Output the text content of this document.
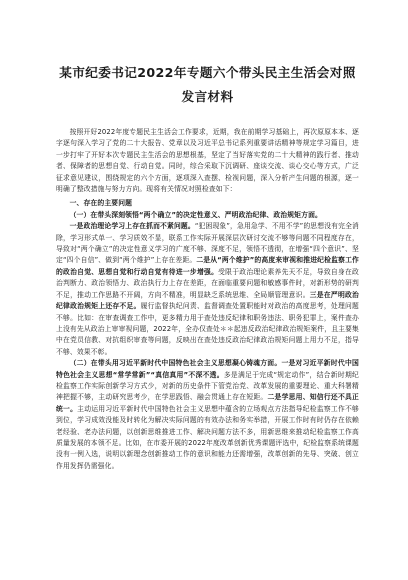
某市纪委书记2022年专题六个带头民主生活会对照发言材料

按照开好2022年度专题民主生活会工作要求，近期，我在前期学习基础上，再次原原本本、逐字逐句深入学习了党的二十大报告、党章以及习近平总书记系列重要讲话精神等规定学习篇目，进一步打牢了开好本次专题民主生活会的思想根基，坚定了当好落实党的二十大精神的践行者、推动者、保障者的思想自觉、行动自觉。同时，综合采取下沉调研、座谈交流、谈心交心等方式，广泛征求意见建议，围绕规定的六个方面，逐项深入查摆、检视问题，深入分析产生问题的根源，逐一明确了整改措施与努力方向。现将有关情况对照检查如下：

一、存在的主要问题

（一）在带头深刻领悟“两个确立”的决定性意义、严明政治纪律、政治规矩方面。

一是政治理论学习上存在抓而不紧问题。“犯困现象”，急用急学、不用不学”的思想没有完全消除，学习形式单一、学习质效不显，联系工作实际开展深层次研讨交流不够等问题不同程度存在，导致对“两个确立”的决定性意义学习的广度不够、深度不足，领悟不透彻，在增强“四个意识”、坚定“四个自信”、做到“两个维护”上存在差距。二是从“两个维护”的高度来审视和推进纪检监察工作的政治自觉、思想自觉和行动自觉有待进一步增强。受限于政治理论素养先天不足，导致自身在政治判断力、政治领悟力、政治执行力上存在差距，在面临重要问题和敏感事件时，对新形势的研判不足，推动工作思路不开阔，方向不精准，明显缺乏系统思维、全局顺管理意识。三是在严明政治纪律政治规矩上还存不足。履行监督执纪问责、监督调查处置职能时对政治的高度思考，处理问题不够。比如：在审查调查工作中，更多精力用于查处违反纪律和职务违法、职务犯罪上，案件查办上没有先从政治上审审视问题，2022年，全办仅查处＊＊起违反政治纪律政治规矩案件，且主要集中在党员信教、对抗组织审查等问题，反映出在查处违反政治纪律政治规矩问题上用力不足，指导不够、效果不彰。

（二）在带头用习近平新时代中国特色社会主义思想凝心铸魂方面。一是对习近平新时代中国特色社会主义思想“常学常新”“真信真用”不深不透。多是满足于完成“规定动作”，结合新时期纪检监察工作实际创新学习方式少，对新的历史条件下管党治党、改革发展的重要理论、重大科署精神把握不够，主动研究思考少，在学思践悟、融会贯通上存在短距。二是学思用、知信行还不具正统一。主动运用习近平新时代中国特色社会主义思想中蕴含的立场观点方法指导纪检监察工作不够到位，学习成效没能及时转化为解决实际问题的有效办法和务实举措，开展工作时有时仍存在依赖老经验、老办法问题，以创新思维推进工作、解决问题方法不多，用新思维来推动纪检监察工作高质量发展的本领不足。比如，在市委开展的2022年度改革创新优秀课题评选中，纪检监察系统课题没有一例入选，说明以新理念创新推动工作的意识和能力还需增强，改革创新的先导、突破、创立作用发挥仍需强化。
